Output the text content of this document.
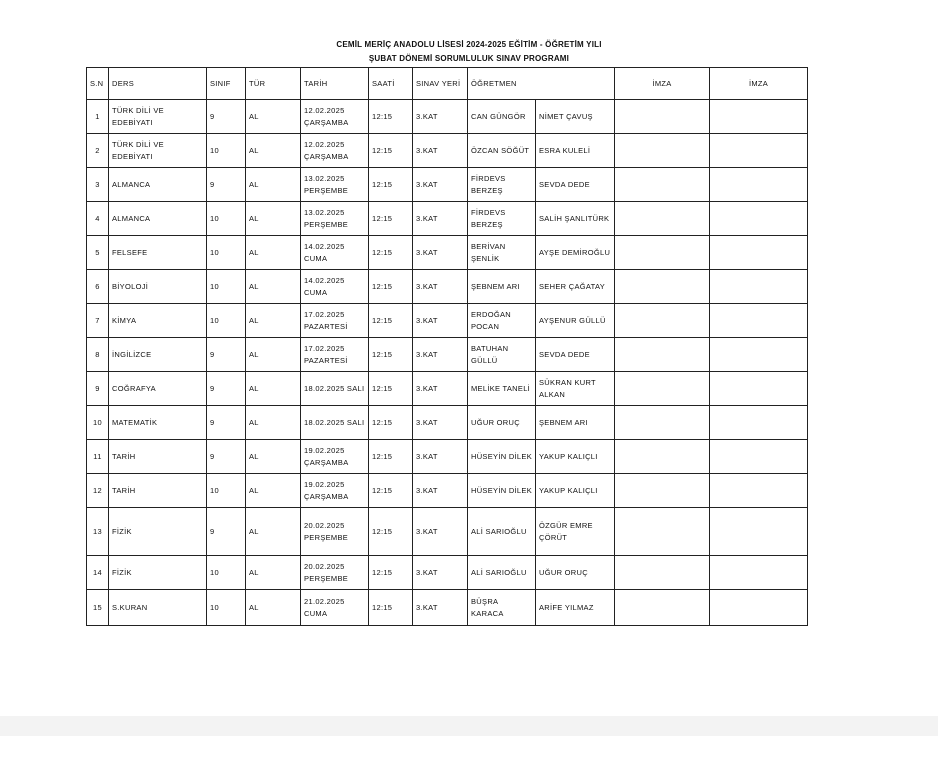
CEMİL MERİÇ ANADOLU LİSESİ 2024-2025 EĞİTİM - ÖĞRETİM YILI
ŞUBAT DÖNEMİ SORUMLULUK SINAV PROGRAMI
S.N	DERS	SINIF	TÜR	TARİH	SAATİ	SINAV YERİ	ÖĞRETMEN		İMZA	İMZA
1	TÜRK DİLİ VE EDEBİYATI	9	AL	12.02.2025 ÇARŞAMBA	12:15	3.KAT	CAN GÜNGÖR	NİMET ÇAVUŞ		
2	TÜRK DİLİ VE EDEBİYATI	10	AL	12.02.2025 ÇARŞAMBA	12:15	3.KAT	ÖZCAN SÖĞÜT	ESRA KULELİ		
3	ALMANCA	9	AL	13.02.2025 PERŞEMBE	12:15	3.KAT	FİRDEVS BERZEŞ	SEVDA DEDE		
4	ALMANCA	10	AL	13.02.2025 PERŞEMBE	12:15	3.KAT	FİRDEVS BERZEŞ	SALİH ŞANLITÜRK		
5	FELSEFE	10	AL	14.02.2025 CUMA	12:15	3.KAT	BERİVAN ŞENLİK	AYŞE DEMİROĞLU		
6	BİYOLOJİ	10	AL	14.02.2025 CUMA	12:15	3.KAT	ŞEBNEM ARI	SEHER ÇAĞATAY		
7	KİMYA	10	AL	17.02.2025 PAZARTESİ	12:15	3.KAT	ERDOĞAN POCAN	AYŞENUR GÜLLÜ		
8	İNGİLİZCE	9	AL	17.02.2025 PAZARTESİ	12:15	3.KAT	BATUHAN GÜLLÜ	SEVDA DEDE		
9	COĞRAFYA	9	AL	18.02.2025 SALI	12:15	3.KAT	MELİKE TANELİ	SÜKRAN KURT ALKAN		
10	MATEMATİK	9	AL	18.02.2025 SALI	12:15	3.KAT	UĞUR ORUÇ	ŞEBNEM ARI		
11	TARİH	9	AL	19.02.2025 ÇARŞAMBA	12:15	3.KAT	HÜSEYİN DİLEK	YAKUP KALIÇLI		
12	TARİH	10	AL	19.02.2025 ÇARŞAMBA	12:15	3.KAT	HÜSEYİN DİLEK	YAKUP KALIÇLI		
13	FİZİK	9	AL	20.02.2025 PERŞEMBE	12:15	3.KAT	ALİ SARIOĞLU	ÖZGÜR EMRE ÇÖRÜT		
14	FİZİK	10	AL	20.02.2025 PERŞEMBE	12:15	3.KAT	ALİ SARIOĞLU	UĞUR ORUÇ		
15	S.KURAN	10	AL	21.02.2025 CUMA	12:15	3.KAT	BÜŞRA KARACA	ARİFE YILMAZ		
